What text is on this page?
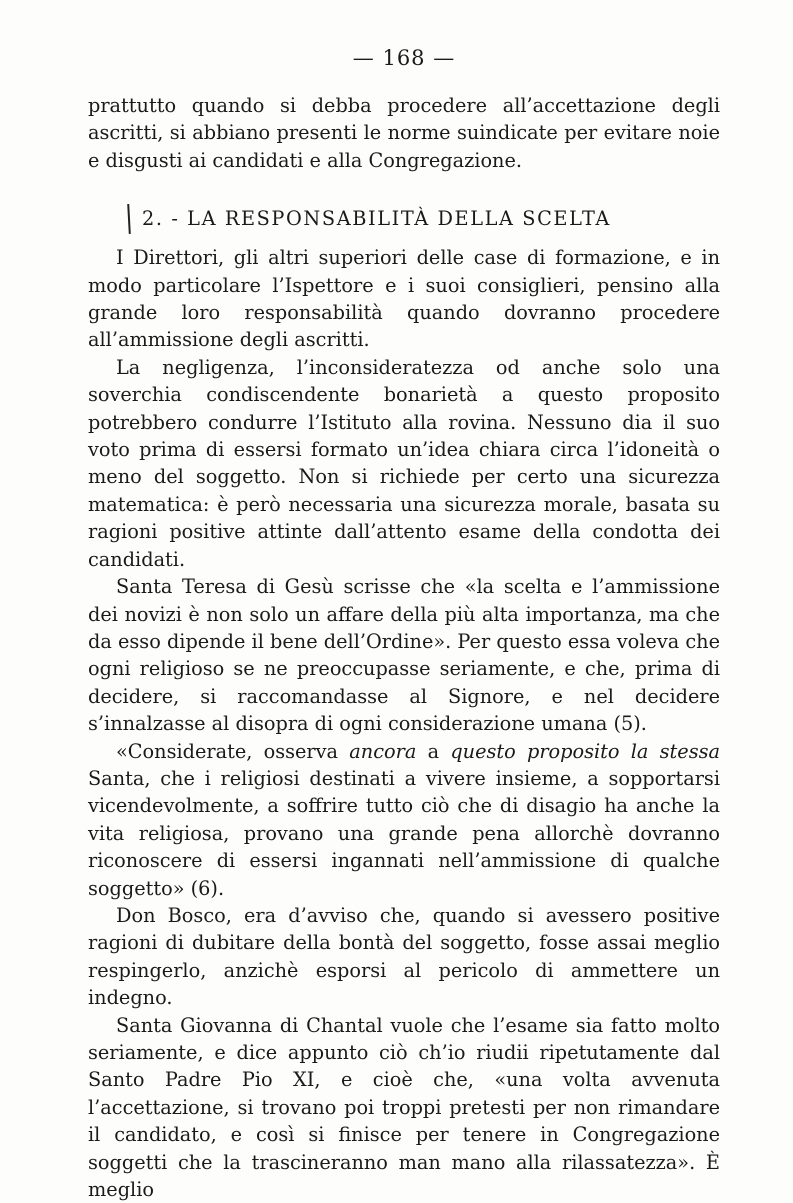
— 168 —

prattutto quando si debba procedere all’accettazione degli ascritti, si abbiano presenti le norme suindicate per evitare noie e disgusti ai candidati e alla Congregazione.

2. - LA RESPONSABILITÀ DELLA SCELTA

I Direttori, gli altri superiori delle case di formazione, e in modo particolare l’Ispettore e i suoi consiglieri, pensino alla grande loro responsabilità quando dovranno procedere all’ammissione degli ascritti.

La negligenza, l’inconsideratezza od anche solo una soverchia condiscendente bonarietà a questo proposito potrebbero condurre l’Istituto alla rovina. Nessuno dia il suo voto prima di essersi formato un’idea chiara circa l’idoneità o meno del soggetto. Non si richiede per certo una sicurezza matematica: è però necessaria una sicurezza morale, basata su ragioni positive attinte dall’attento esame della condotta dei candidati.

Santa Teresa di Gesù scrisse che «la scelta e l’ammissione dei novizi è non solo un affare della più alta importanza, ma che da esso dipende il bene dell’Ordine». Per questo essa voleva che ogni religioso se ne preoccupasse seriamente, e che, prima di decidere, si raccomandasse al Signore, e nel decidere s’innalzasse al disopra di ogni considerazione umana (5).

«Considerate, osserva ancora a questo proposito la stessa Santa, che i religiosi destinati a vivere insieme, a sopportarsi vicendevolmente, a soffrire tutto ciò che di disagio ha anche la vita religiosa, provano una grande pena allorchè dovranno riconoscere di essersi ingannati nell’ammissione di qualche soggetto» (6).

Don Bosco, era d’avviso che, quando si avessero positive ragioni di dubitare della bontà del soggetto, fosse assai meglio respingerlo, anzichè esporsi al pericolo di ammettere un indegno.

Santa Giovanna di Chantal vuole che l’esame sia fatto molto seriamente, e dice appunto ciò ch’io riudii ripetutamente dal Santo Padre Pio XI, e cioè che, «una volta avvenuta l’accettazione, si trovano poi troppi pretesti per non rimandare il candidato, e così si finisce per tenere in Congregazione soggetti che la trascineranno man mano alla rilassatezza». È meglio
